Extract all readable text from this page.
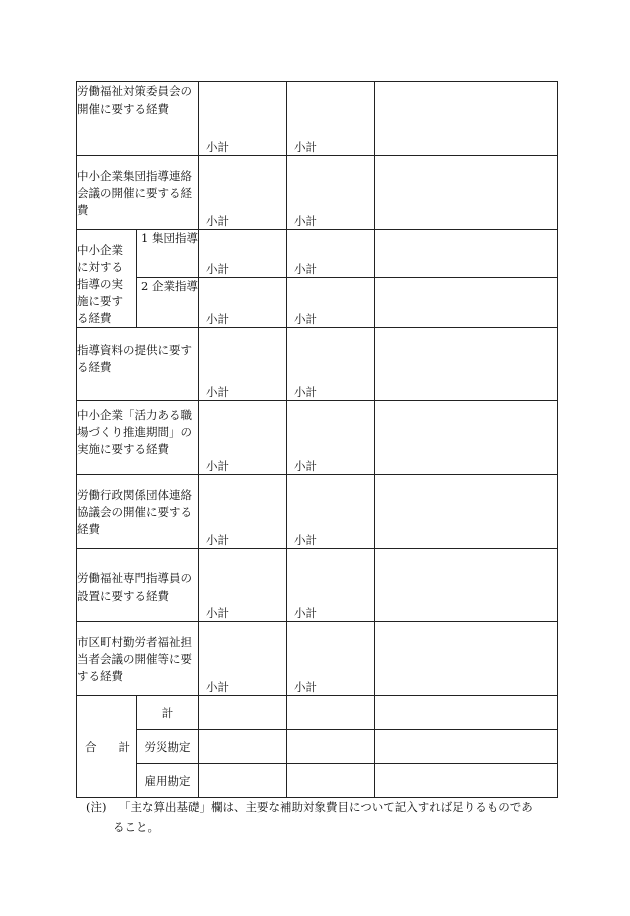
労働福祉対策委員会の開催に要する経費		小計	小計	

中小企業集団指導連絡会議の開催に要する経費		小計	小計	

中小企業に対する指導の実施に要する経費	1 集団指導	小計	小計	

	2 企業指導	小計	小計	

指導資料の提供に要する経費		小計	小計	

中小企業「活力ある職場づくり推進期間」の実施に要する経費		小計	小計	

労働行政関係団体連絡協議会の開催に要する経費		小計	小計	

労働福祉専門指導員の設置に要する経費		小計	小計	

市区町村勤労者福祉担当者会議の開催等に要する経費		小計	小計	

合 計	計			
	労災勘定			
	雇用勘定			
(注) 「主な算出基礎」欄は、主要な補助対象費目について記入すれば足りるものであ
ること。
